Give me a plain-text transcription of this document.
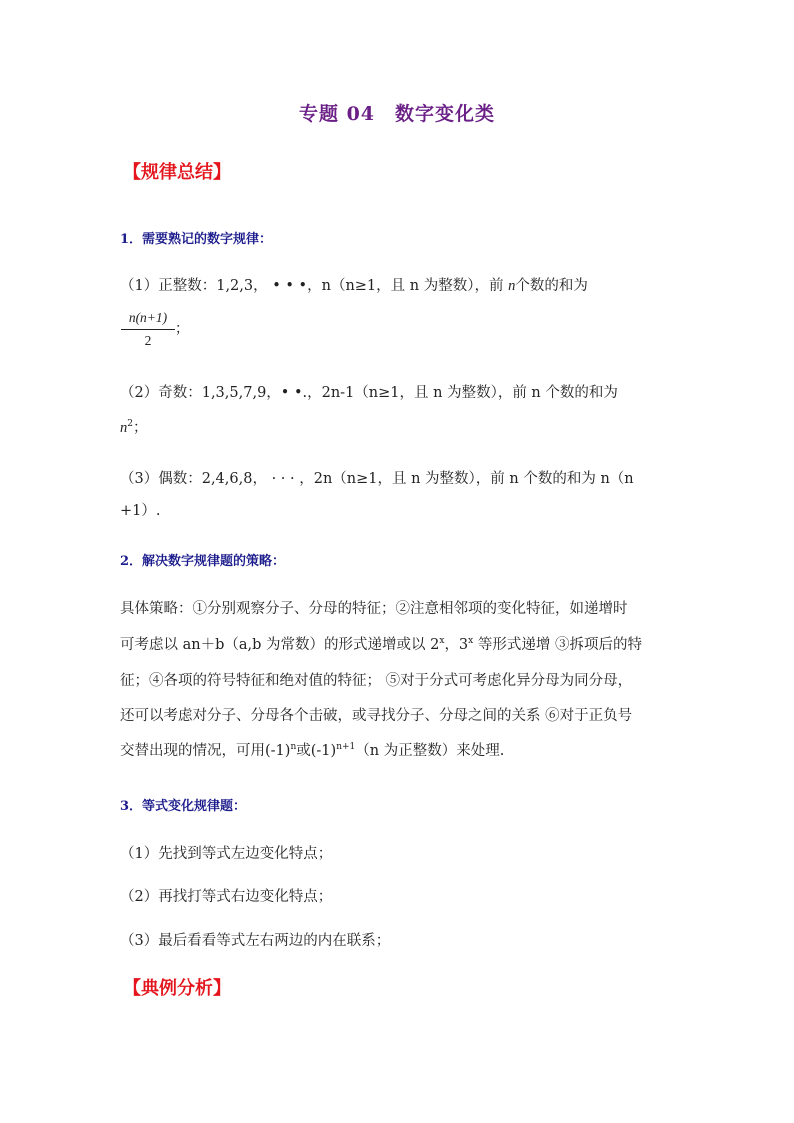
专题 04　数字变化类
【规律总结】
1．需要熟记的数字规律：
（1）正整数：1,2,3， • • •，n（n≥1，且 n 为整数），前 n个数的和为
n(n+1)
2
；
（2）奇数：1,3,5,7,9，• •.，2n-1（n≥1，且 n 为整数），前 n 个数的和为
$n^2$；
（3）偶数：2,4,6,8， · · · ，2n（n≥1，且 n 为整数），前 n 个数的和为 n（n
+1）.
2．解决数字规律题的策略：
具体策略：①分别观察分子、分母的特征；②注意相邻项的变化特征，如递增时
可考虑以 an＋b（a,b 为常数）的形式递增或以 2$^x$，3$^x$ 等形式递增 ③拆项后的特
征；④各项的符号特征和绝对值的特征； ⑤对于分式可考虑化异分母为同分母，
还可以考虑对分子、分母各个击破，或寻找分子、分母之间的关系 ⑥对于正负号
交替出现的情况，可用$(-1)^n$或$(-1)^{n+1}(n$ 为正整数）来处理.
3．等式变化规律题：
（1）先找到等式左边变化特点；
（2）再找打等式右边变化特点；
（3）最后看看等式左右两边的内在联系；
【典例分析】
